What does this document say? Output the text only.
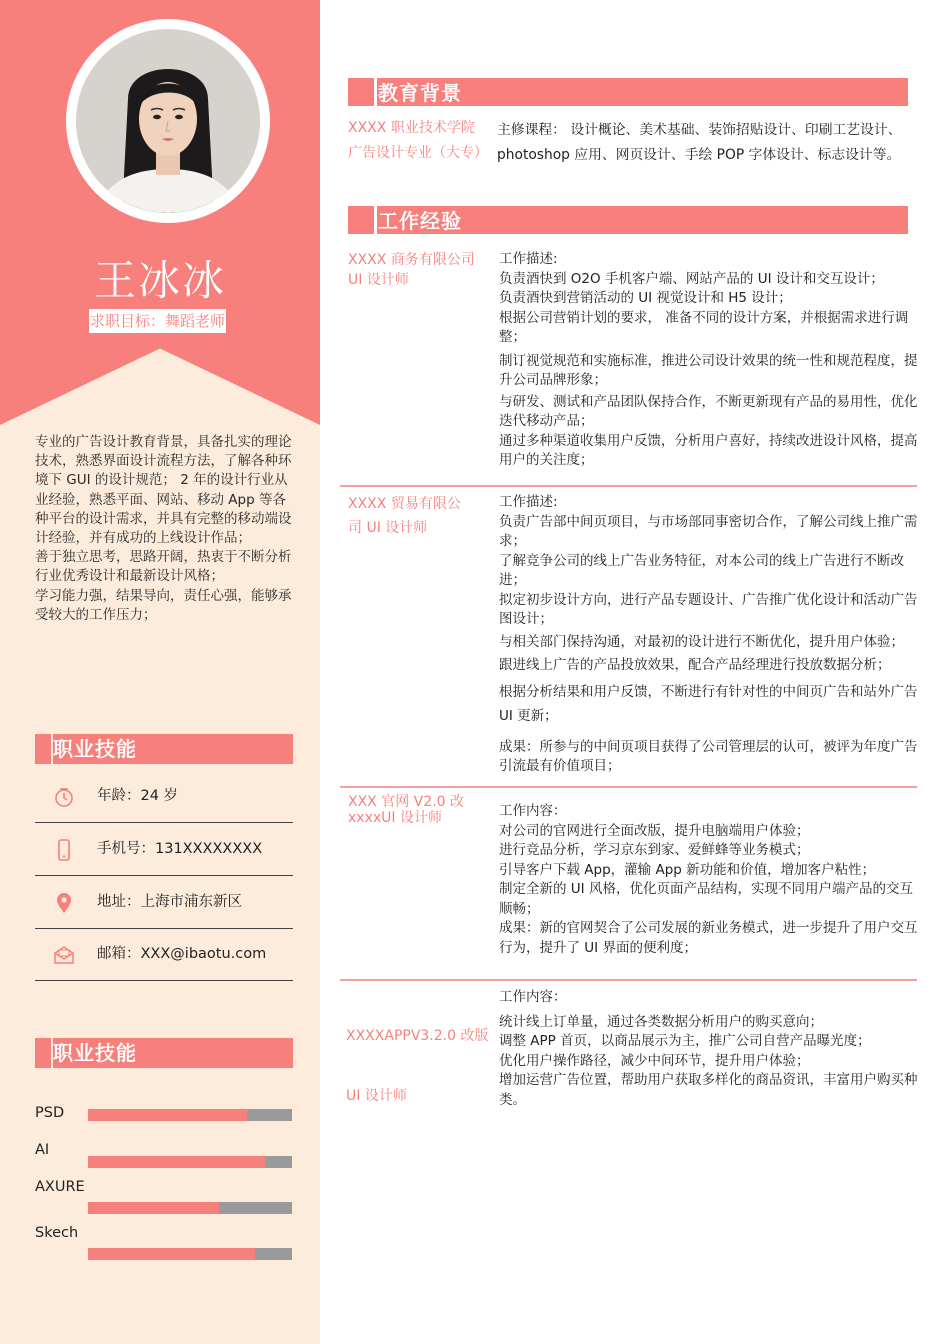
王冰冰
求职目标：舞蹈老师

专业的广告设计教育背景，具备扎实的理论技术，熟悉界面设计流程方法，了解各种环境下 GUI 的设计规范； 2 年的设计行业从业经验，熟悉平面、网站、移动 App 等各种平台的设计需求，并具有完整的移动端设计经验，并有成功的上线设计作品；

善于独立思考，思路开阔，热衷于不断分析行业优秀设计和最新设计风格；

学习能力强，结果导向，责任心强，能够承受较大的工作压力；

职业技能
年龄：24 岁
手机号：131XXXXXXXX
地址：上海市浦东新区
邮箱：XXX@ibaotu.com
职业技能
PSD
AI
AXURE
Skech
教育背景
XXXX 职业技术学院
广告设计专业（大专）

主修课程： 设计概论、美术基础、装饰招贴设计、印刷工艺设计、

photoshop 应用、网页设计、手绘 POP 字体设计、标志设计等。

工作经验
XXXX 商务有限公司
UI 设计师

工作描述:

负责酒快到 O2O 手机客户端、网站产品的 UI 设计和交互设计；

负责酒快到营销活动的 UI 视觉设计和 H5 设计；

根据公司营销计划的要求， 准备不同的设计方案，并根据需求进行调整；

制订视觉规范和实施标准，推进公司设计效果的统一性和规范程度，提升公司品牌形象；

与研发、测试和产品团队保持合作，不断更新现有产品的易用性，优化迭代移动产品；

通过多种渠道收集用户反馈，分析用户喜好，持续改进设计风格，提高用户的关注度；

XXXX 贸易有限公
司 UI 设计师

工作描述:

负责广告部中间页项目，与市场部同事密切合作，了解公司线上推广需求；

了解竞争公司的线上广告业务特征，对本公司的线上广告进行不断改进；

拟定初步设计方向，进行产品专题设计、广告推广优化设计和活动广告图设计；

与相关部门保持沟通，对最初的设计进行不断优化，提升用户体验；

跟进线上广告的产品投放效果，配合产品经理进行投放数据分析；

根据分析结果和用户反馈，不断进行有针对性的中间页广告和站外广告 UI 更新；

成果：所参与的中间页项目获得了公司管理层的认可，被评为年度广告引流最有价值项目；

XXX 官网 V2.0 改
xxxxUI 设计师	工作内容：

对公司的官网进行全面改版，提升电脑端用户体验；

进行竞品分析，学习京东到家、爱鲜蜂等业务模式；

引导客户下载 App，灌输 App 新功能和价值，增加客户粘性；

制定全新的 UI 风格，优化页面产品结构，实现不同用户端产品的交互顺畅；

成果：新的官网契合了公司发展的新业务模式，进一步提升了用户交互行为，提升了 UI 界面的便利度；

XXXXAPPV3.2.0 改版

UI 设计师

工作内容：

统计线上订单量，通过各类数据分析用户的购买意向；

调整 APP 首页，以商品展示为主，推广公司自营产品曝光度；

优化用户操作路径，减少中间环节，提升用户体验；

增加运营广告位置，帮助用户获取多样化的商品资讯，丰富用户购买种类。
